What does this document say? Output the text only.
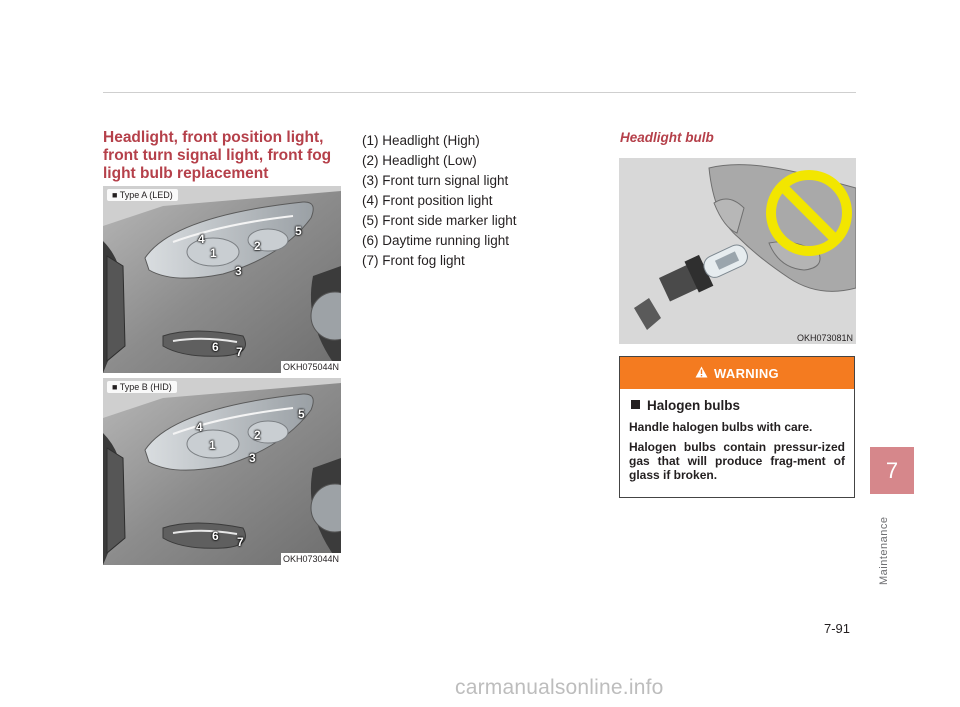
Headlight, front position light, front turn signal light, front fog light bulb replacement
■ Type A (LED)
4
1	2
5
3
6 7
OKH075044N
■ Type B (HID)
4
1
2
5
3
6 7
OKH073044N
(1) Headlight (High)
(2) Headlight (Low)
(3) Front turn signal light
(4) Front position light
(5) Front side marker light
(6) Daytime running light
(7) Front fog light
Headlight bulb
OKH073081N
WARNING

Halogen bulbs

Handle halogen bulbs with care.

Halogen bulbs contain pressur-ized gas that will produce frag-ment of glass if broken.	7
Maintenance
7-91
carmanualsonline.info
